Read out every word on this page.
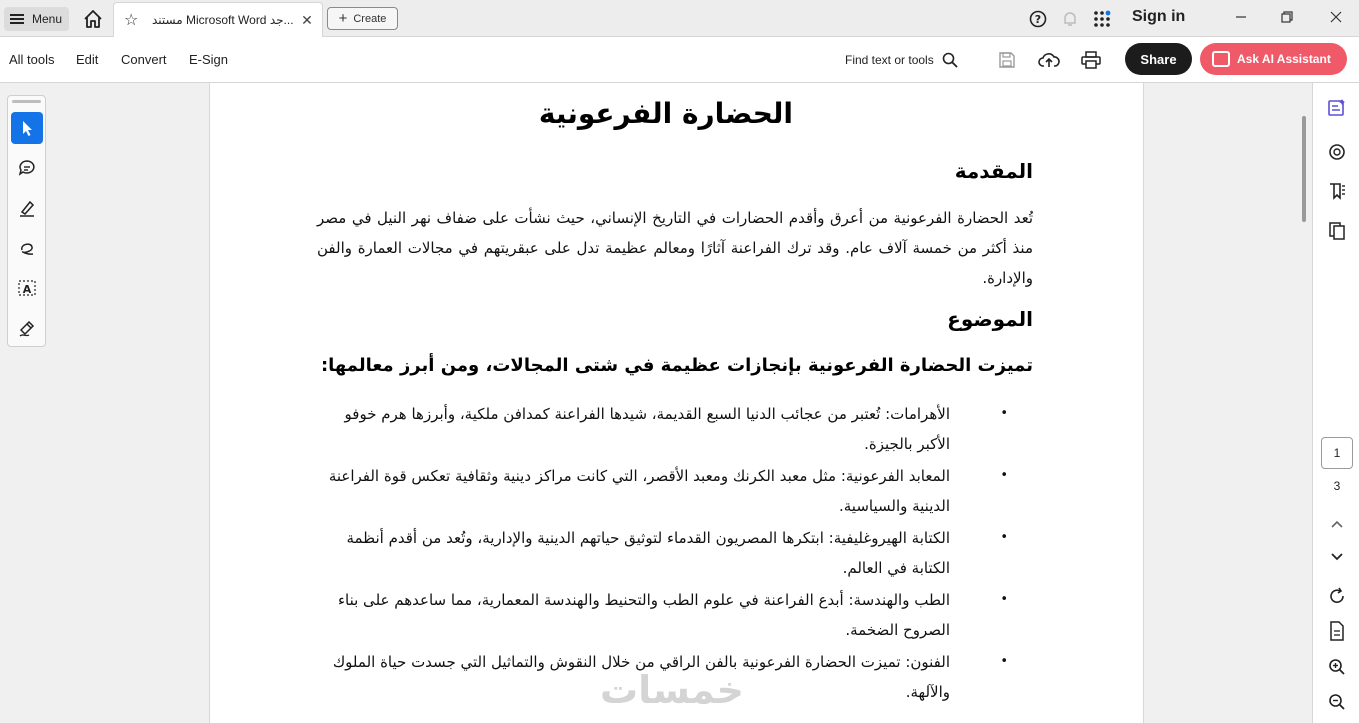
Menu	☆	مستند Microsoft Word جد... ✕ + Create	?	Sign in
All tools Edit Convert E-Sign	Find text or tools	Share	Ask AI Assistant
A
الحضارة الفرعونية
المقدمة
تُعد الحضارة الفرعونية من أعرق وأقدم الحضارات في التاريخ الإنساني، حيث نشأت على ضفاف نهر النيل في مصر منذ أكثر من خمسة آلاف عام. وقد ترك الفراعنة آثارًا ومعالم عظيمة تدل على عبقريتهم في مجالات العمارة والفن والإدارة.
الموضوع
تميزت الحضارة الفرعونية بإنجازات عظيمة في شتى المجالات، ومن أبرز معالمها:
•
الأهرامات: تُعتبر من عجائب الدنيا السبع القديمة، شيدها الفراعنة كمدافن ملكية، وأبرزها هرم خوفو الأكبر بالجيزة.
•
المعابد الفرعونية: مثل معبد الكرنك ومعبد الأقصر، التي كانت مراكز دينية وثقافية تعكس قوة الفراعنة الدينية والسياسية.
•
الكتابة الهيروغليفية: ابتكرها المصريون القدماء لتوثيق حياتهم الدينية والإدارية، وتُعد من أقدم أنظمة الكتابة في العالم.
•
الطب والهندسة: أبدع الفراعنة في علوم الطب والتحنيط والهندسة المعمارية، مما ساعدهم على بناء الصروح الضخمة.
•
الفنون: تميزت الحضارة الفرعونية بالفن الراقي من خلال النقوش والتماثيل التي جسدت حياة الملوك والآلهة.
خمسات
1
3
